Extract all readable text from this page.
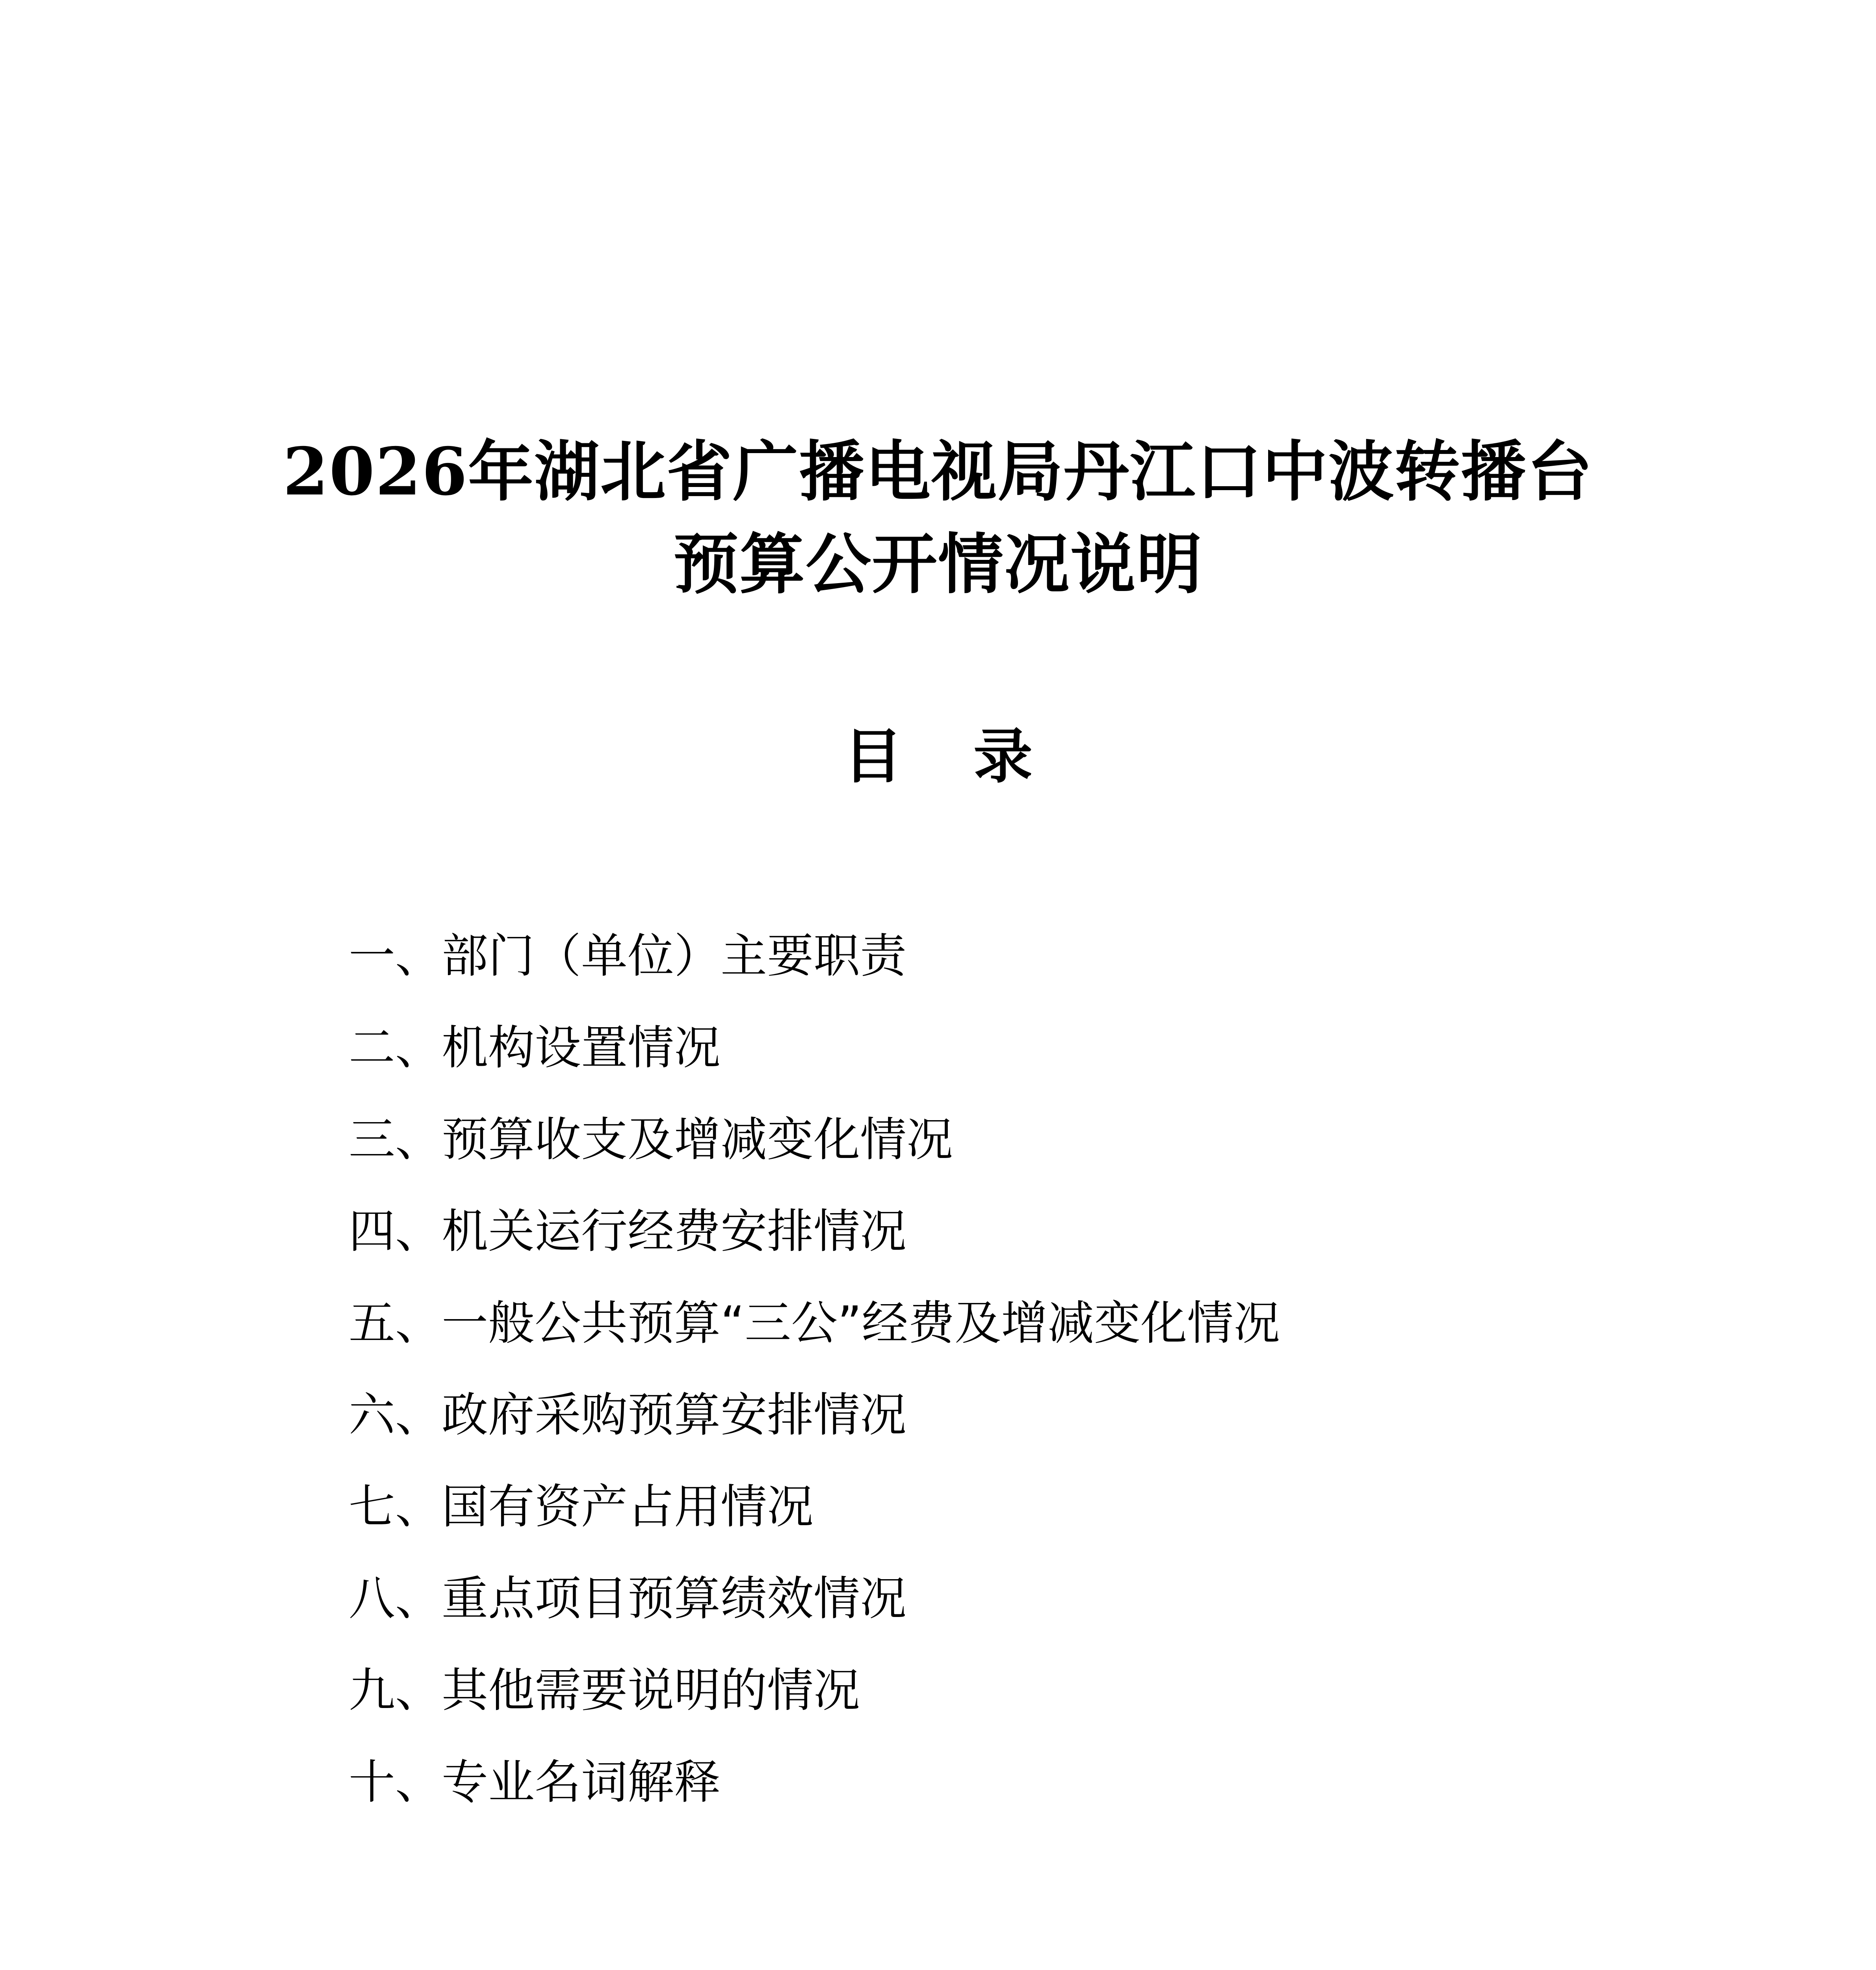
2026年湖北省广播电视局丹江口中波转播台
预算公开情况说明
目录
一、部门（单位）主要职责
二、机构设置情况
三、预算收支及增减变化情况
四、机关运行经费安排情况
五、一般公共预算“三公”经费及增减变化情况
六、政府采购预算安排情况
七、国有资产占用情况
八、重点项目预算绩效情况
九、其他需要说明的情况
十、专业名词解释
